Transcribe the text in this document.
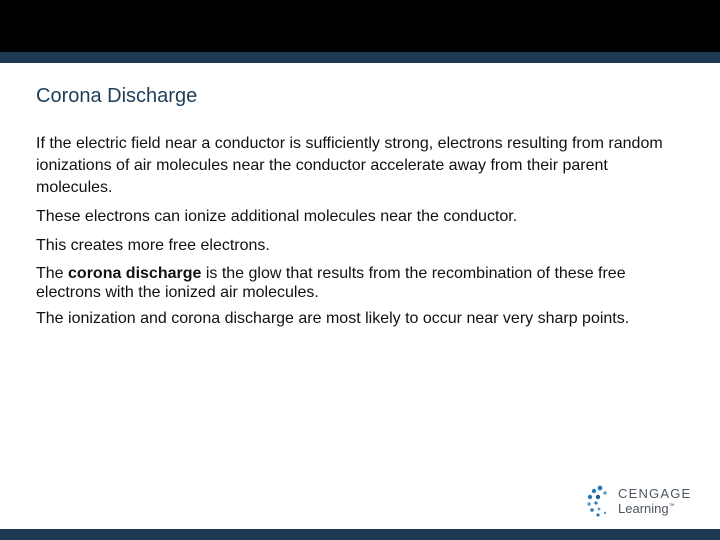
Corona Discharge

If the electric field near a conductor is sufficiently strong, electrons resulting from random ionizations of air molecules near the conductor accelerate away from their parent molecules.

These electrons can ionize additional molecules near the conductor.

This creates more free electrons.

The corona discharge is the glow that results from the recombination of these free electrons with the ionized air molecules.

The ionization and corona discharge are most likely to occur near very sharp points.

CENGAGE
Learning™
